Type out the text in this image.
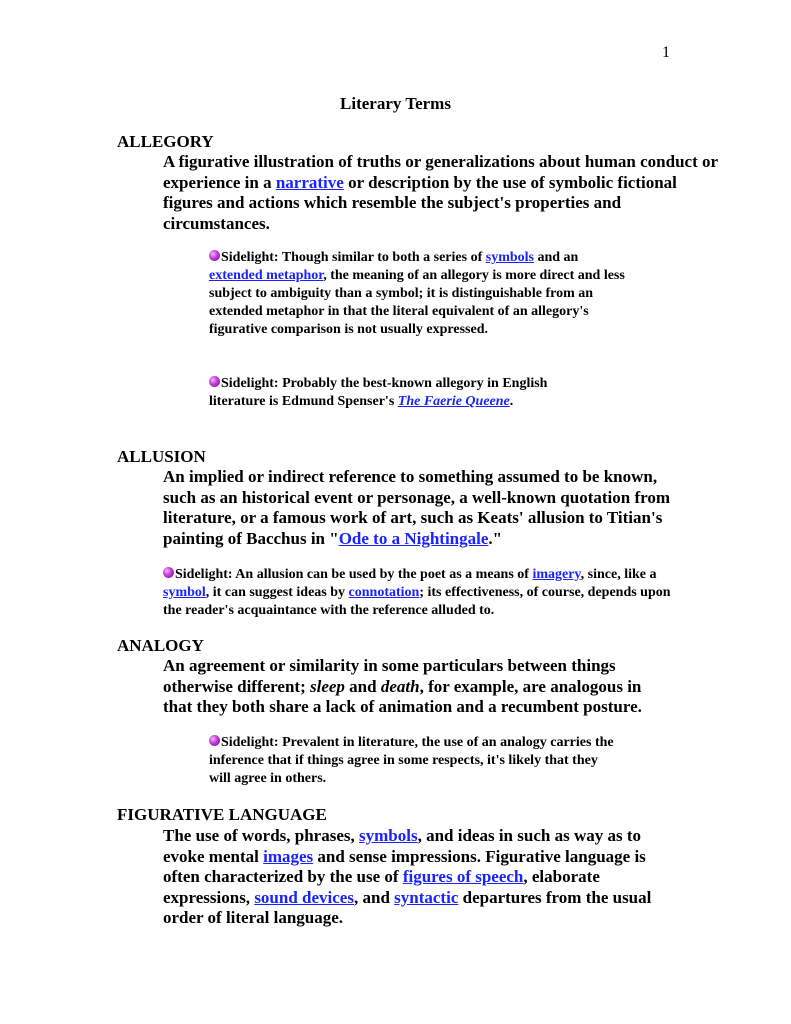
1
Literary Terms
ALLEGORY
A figurative illustration of truths or generalizations about human conduct or experience in a narrative or description by the use of symbolic fictional figures and actions which resemble the subject's properties and circumstances.
Sidelight: Though similar to both a series of symbols and an extended metaphor, the meaning of an allegory is more direct and less subject to ambiguity than a symbol; it is distinguishable from an extended metaphor in that the literal equivalent of an allegory's figurative comparison is not usually expressed.
Sidelight: Probably the best-known allegory in English literature is Edmund Spenser's The Faerie Queene.
ALLUSION
An implied or indirect reference to something assumed to be known, such as an historical event or personage, a well-known quotation from literature, or a famous work of art, such as Keats' allusion to Titian's painting of Bacchus in "Ode to a Nightingale."
Sidelight: An allusion can be used by the poet as a means of imagery, since, like a symbol, it can suggest ideas by connotation; its effectiveness, of course, depends upon the reader's acquaintance with the reference alluded to.
ANALOGY
An agreement or similarity in some particulars between things otherwise different; sleep and death, for example, are analogous in that they both share a lack of animation and a recumbent posture.
Sidelight: Prevalent in literature, the use of an analogy carries the inference that if things agree in some respects, it's likely that they will agree in others.
FIGURATIVE LANGUAGE
The use of words, phrases, symbols, and ideas in such as way as to evoke mental images and sense impressions. Figurative language is often characterized by the use of figures of speech, elaborate expressions, sound devices, and syntactic departures from the usual order of literal language.
